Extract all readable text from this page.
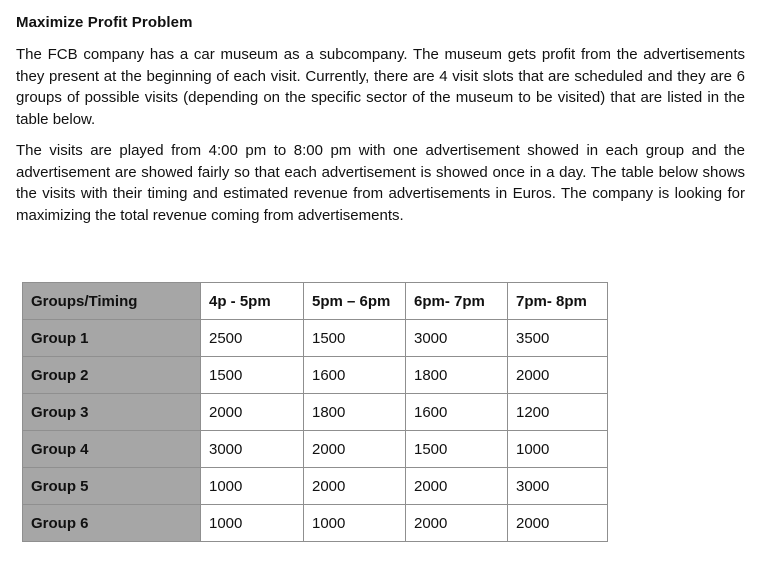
Maximize Profit Problem

The FCB company has a car museum as a subcompany. The museum gets profit from the advertisements they present at the beginning of each visit. Currently, there are 4 visit slots that are scheduled and they are 6 groups of possible visits (depending on the specific sector of the museum to be visited) that are listed in the table below.

The visits are played from 4:00 pm to 8:00 pm with one advertisement showed in each group and the advertisement are showed fairly so that each advertisement is showed once in a day. The table below shows the visits with their timing and estimated revenue from advertisements in Euros. The company is looking for maximizing the total revenue coming from advertisements.

Groups/Timing	4p - 5pm	5pm – 6pm	6pm- 7pm	7pm- 8pm
Group 1	2500	1500	3000	3500
Group 2	1500	1600	1800	2000
Group 3	2000	1800	1600	1200
Group 4	3000	2000	1500	1000
Group 5	1000	2000	2000	3000
Group 6	1000	1000	2000	2000
